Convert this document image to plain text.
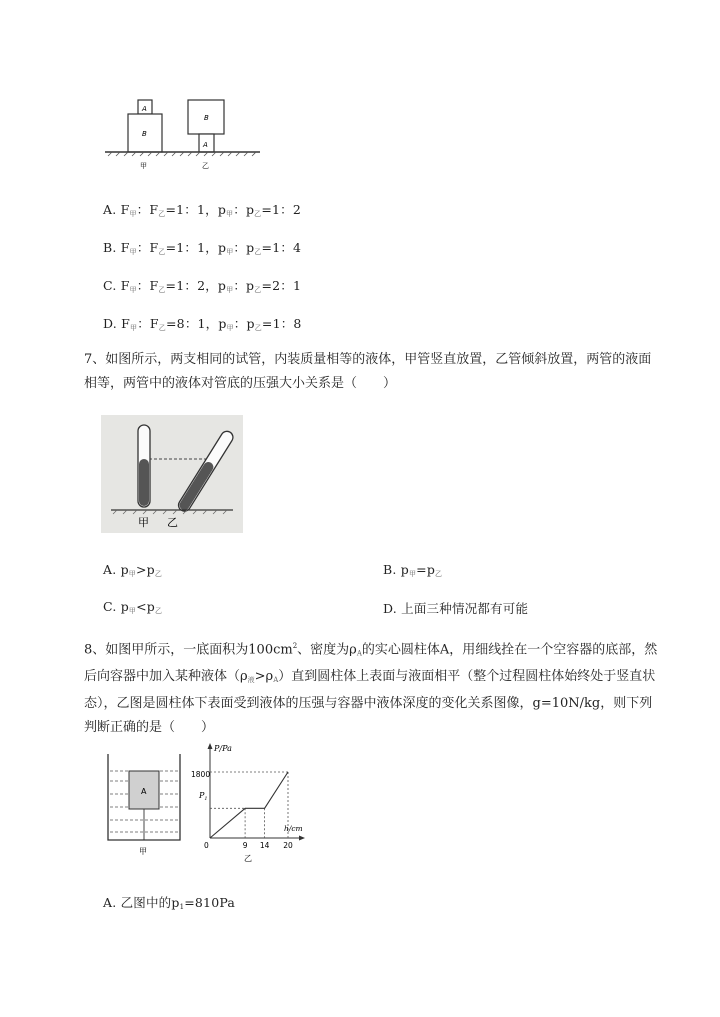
A
B
B
A
甲	乙
A. $F_甲$：$F_乙=1$：1，$p_甲$：$p_乙=1$：2
B. $F_甲$：$F_乙=1$：1，$p_甲$：$p_乙=1$：4
C. $F_甲$：$F_乙=1$：2，$p_甲$：$p_乙=2$：1
D. $F_甲$：$F_乙=8$：1，$p_甲$：$p_乙=1$：8
7、如图所示，两支相同的试管，内装质量相等的液体，甲管竖直放置，乙管倾斜放置，两管的液面相等，两管中的液体对管底的压强大小关系是（　　）
甲 乙
A. $p_甲>p_乙$	B. $p_甲=p_乙$
C. $p_甲<p_乙$	D. 上面三种情况都有可能
8、如图甲所示，一底面积为$100cm^2$、密度为$\rho_A$的实心圆柱体A，用细线拴在一个空容器的底部，然后向容器中加入某种液体$(\rho_液>\rho_A)$直到圆柱体上表面与液面相平（整个过程圆柱体始终处于竖直状态），乙图是圆柱体下表面受到液体的压强与容器中液体深度的变化关系图像，g=10N/kg，则下列判断正确的是（　　）
A
甲
P/Pa
h/cm
1800
$P_1$
0	9 14 20
乙
A. 乙图中的$p_1=810Pa$
